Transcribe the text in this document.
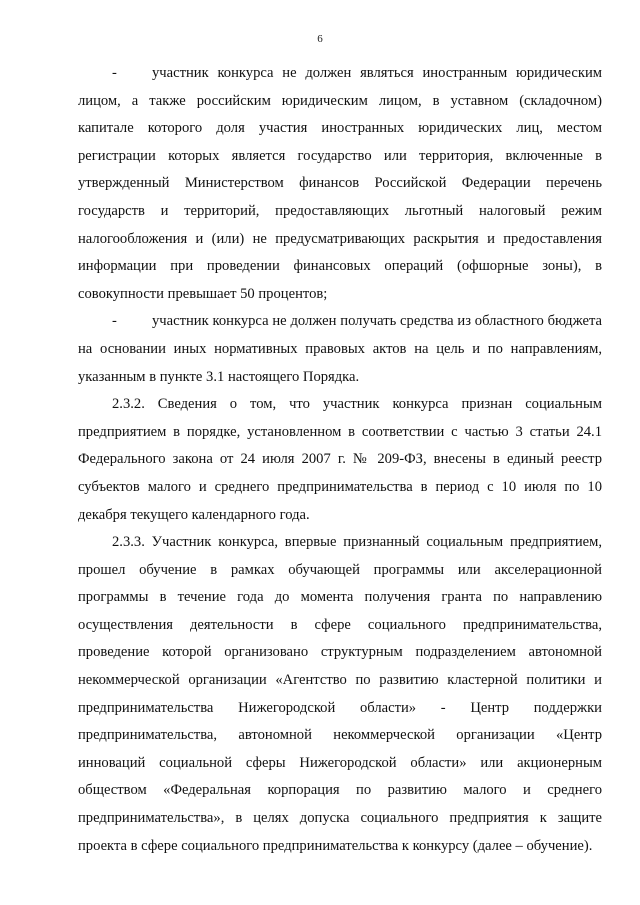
6
-	участник конкурса не должен являться иностранным юридическим лицом, а также российским юридическим лицом, в уставном (складочном) капитале которого доля участия иностранных юридических лиц, местом регистрации которых является государство или территория, включенные в утвержденный Министерством финансов Российской Федерации перечень государств и территорий, предоставляющих льготный налоговый режим налогообложения и (или) не предусматривающих раскрытия и предоставления информации при проведении финансовых операций (офшорные зоны), в совокупности превышает 50 процентов;

-	участник конкурса не должен получать средства из областного бюджета на основании иных нормативных правовых актов на цель и по направлениям, указанным в пункте 3.1 настоящего Порядка.

2.3.2. Сведения о том, что участник конкурса признан социальным предприятием в порядке, установленном в соответствии с частью 3 статьи 24.1 Федерального закона от 24 июля 2007 г. № 209-ФЗ, внесены в единый реестр субъектов малого и среднего предпринимательства в период с 10 июля по 10 декабря текущего календарного года.

2.3.3. Участник конкурса, впервые признанный социальным предприятием, прошел обучение в рамках обучающей программы или акселерационной программы в течение года до момента получения гранта по направлению осуществления деятельности в сфере социального предпринимательства, проведение которой организовано структурным подразделением автономной некоммерческой организации «Агентство по развитию кластерной политики и предпринимательства Нижегородской области» - Центр поддержки предпринимательства, автономной некоммерческой организации «Центр инноваций социальной сферы Нижегородской области» или акционерным обществом «Федеральная корпорация по развитию малого и среднего предпринимательства», в целях допуска социального предприятия к защите проекта в сфере социального предпринимательства к конкурсу (далее – обучение).
